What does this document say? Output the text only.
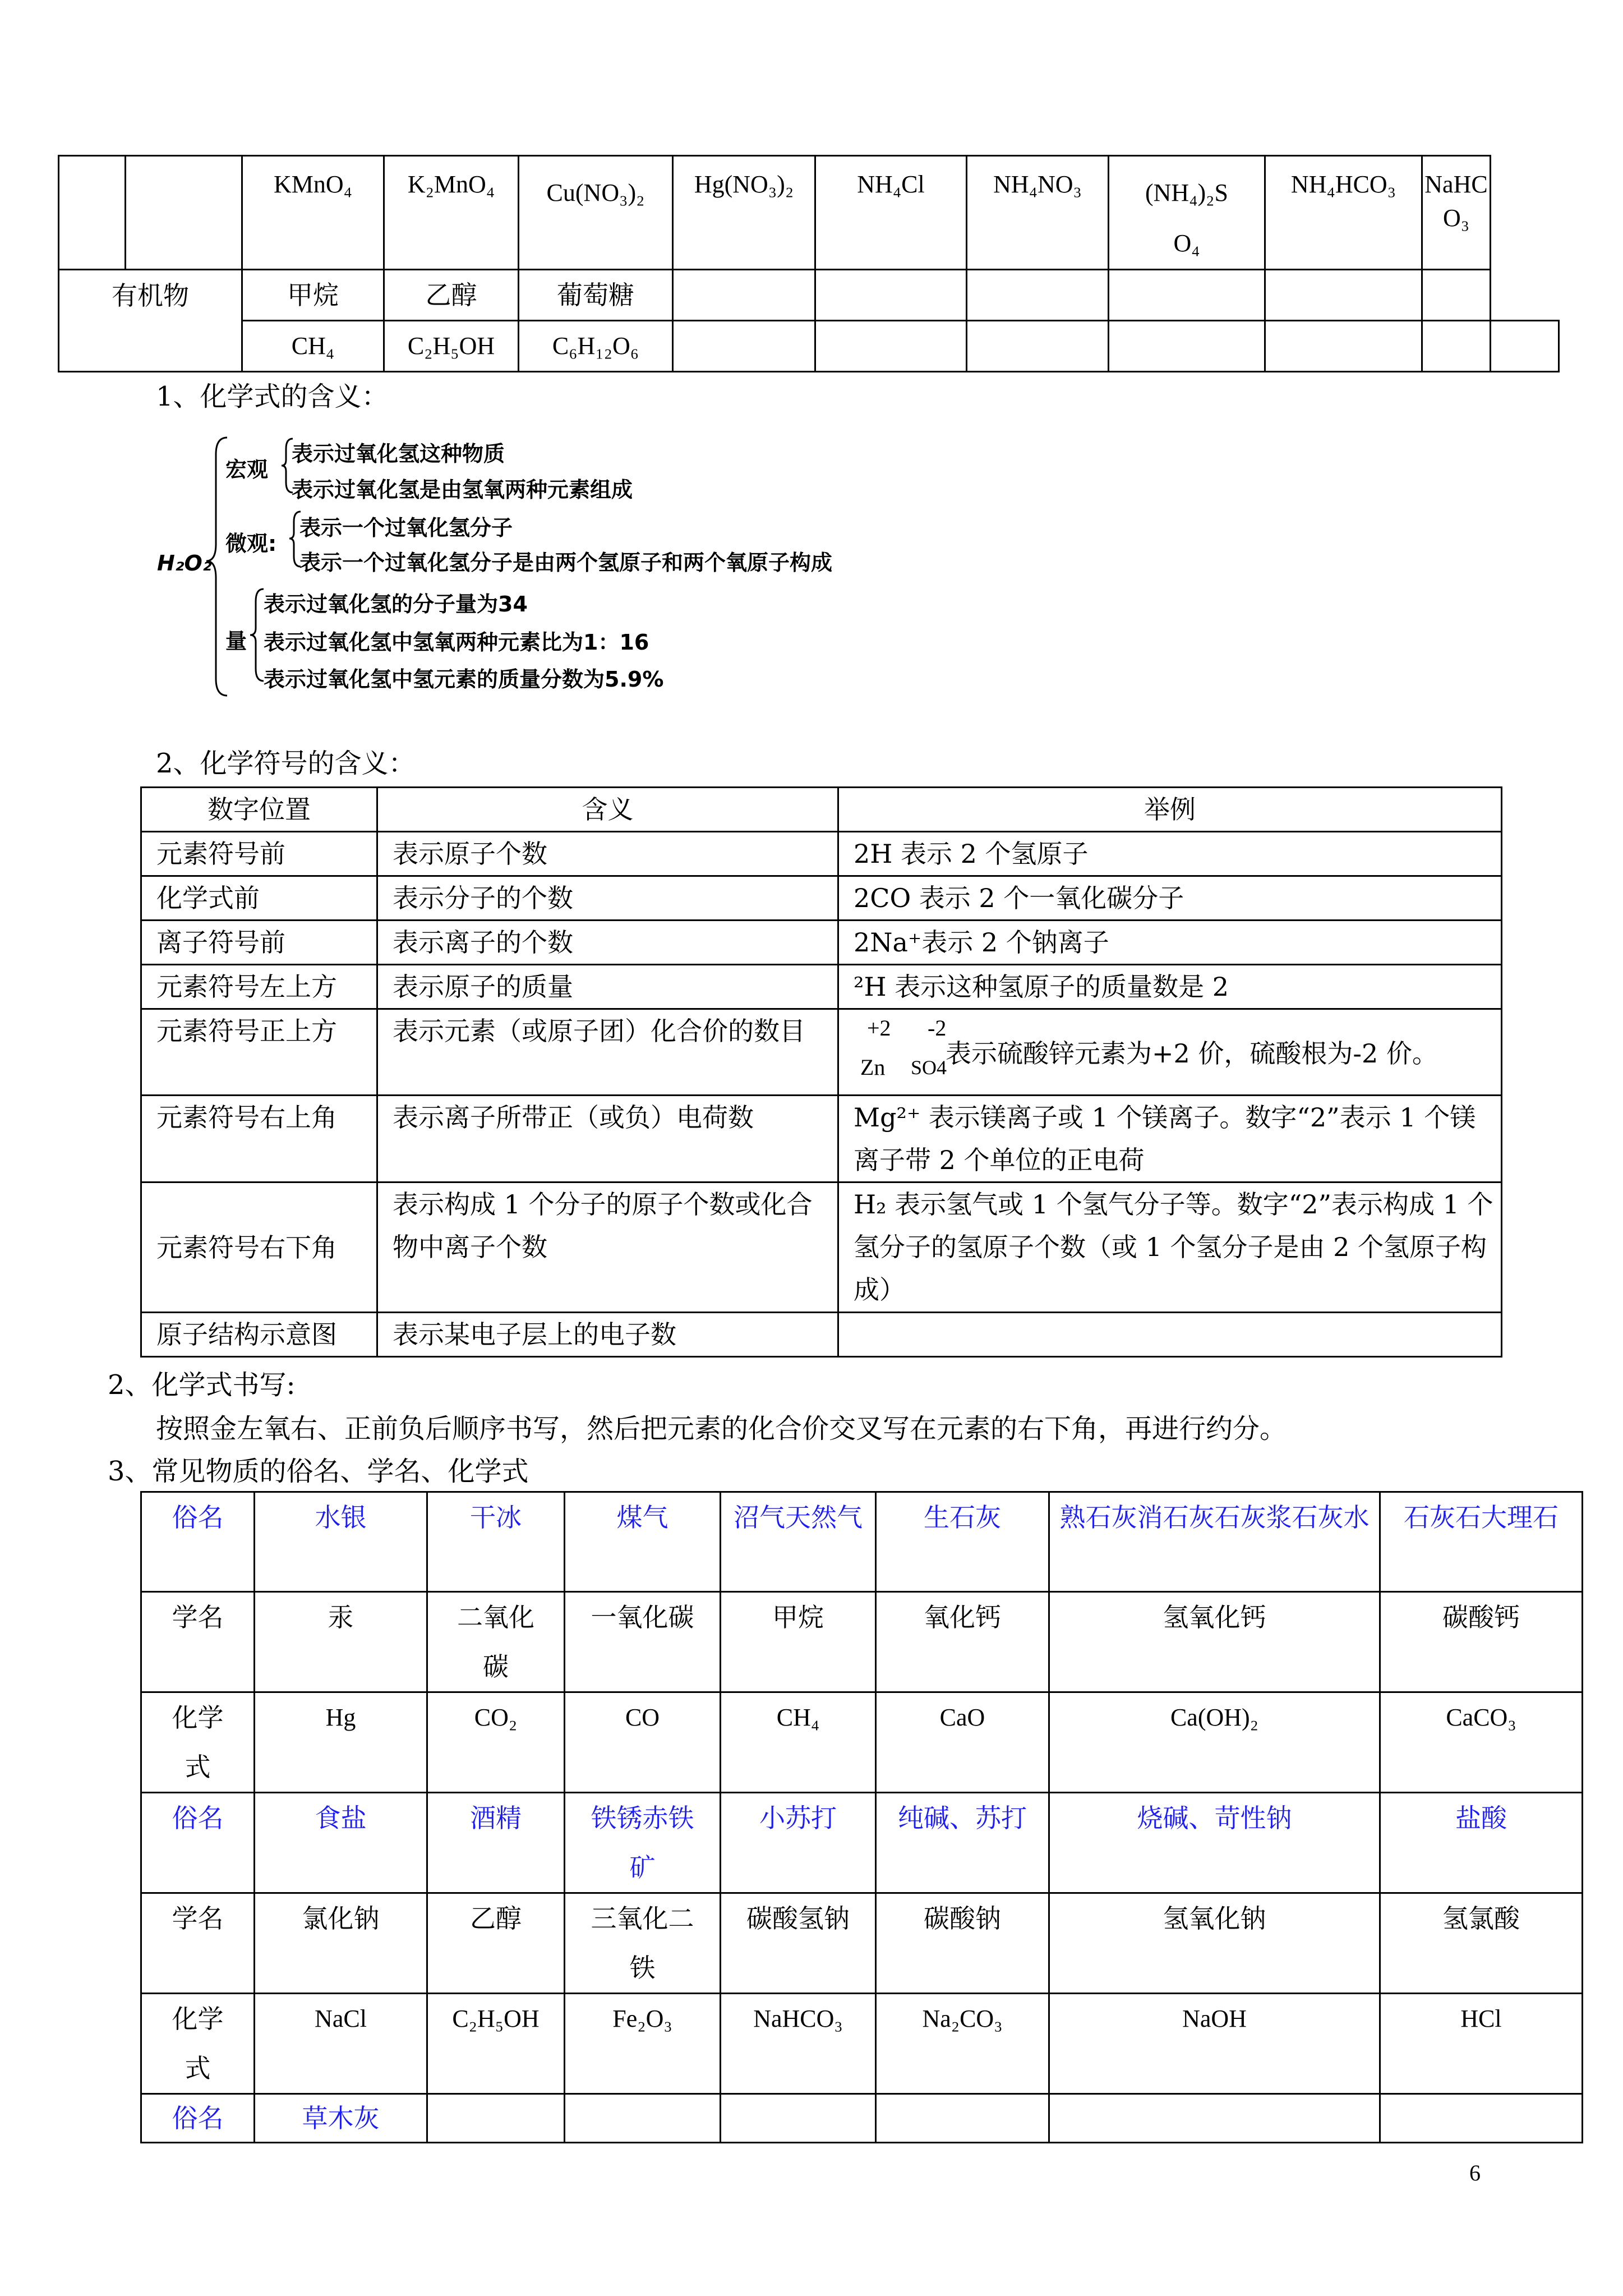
		KMnO₄	K₂MnO₄	Cu(NO₃)₂	Hg(NO₃)₂	NH₄Cl	NH₄NO₃	(NH₄)₂SO₄	NH₄HCO₃	NaHCO₃	
有机物		甲烷	乙醇	葡萄糖							
		CH₄	C₂H₅OH	C₆H₁₂O₆							
1、化学式的含义：
H₂O₂
宏观
表示过氧化氢这种物质
表示过氧化氢是由氢氧两种元素组成
微观:
表示一个过氧化氢分子
表示一个过氧化氢分子是由两个氢原子和两个氧原子构成
量
表示过氧化氢的分子量为34
表示过氧化氢中氢氧两种元素比为1：16
表示过氧化氢中氢元素的质量分数为5.9%
2、化学符号的含义：
数字位置	含义	举例
元素符号前	表示原子个数	2H 表示 2 个氢原子
化学式前	表示分子的个数	2CO 表示 2 个一氧化碳分子
离子符号前	表示离子的个数	2Na⁺表示 2 个钠离子
元素符号左上方	表示原子的质量	²H 表示这种氢原子的质量数是 2
元素符号正上方	表示元素（或原子团）化合价的数目	+2 -2
Zn SO4
表示硫酸锌元素为+2 价，硫酸根为-2 价。

元素符号右上角	表示离子所带正（或负）电荷数	Mg²⁺ 表示镁离子或 1 个镁离子。数字“2”表示 1 个镁离子带 2 个单位的正电荷
元素符号右下角	表示构成 1 个分子的原子个数或化合物中离子个数	H₂ 表示氢气或 1 个氢气分子等。数字“2”表示构成 1 个氢分子的氢原子个数（或 1 个氢分子是由 2 个氢原子构成）
原子结构示意图	表示某电子层上的电子数	
2、化学式书写:
按照金左氧右、正前负后顺序书写，然后把元素的化合价交叉写在元素的右下角，再进行约分。
3、常见物质的俗名、学名、化学式
俗名	水银	干冰	煤气	沼气天然气	生石灰	熟石灰消石灰石灰浆石灰水	石灰石大理石
学名	汞	二氧化碳	一氧化碳	甲烷	氧化钙	氢氧化钙	碳酸钙
化学式	Hg	CO₂	CO	CH₄	CaO	Ca(OH)₂	CaCO₃
俗名	食盐	酒精	铁锈赤铁矿	小苏打	纯碱、苏打	烧碱、苛性钠	盐酸
学名	氯化钠	乙醇	三氧化二铁	碳酸氢钠	碳酸钠	氢氧化钠	氢氯酸
化学式	NaCl	C₂H₅OH	Fe₂O₃	NaHCO₃	Na₂CO₃	NaOH	HCl
俗名	草木灰						
6
